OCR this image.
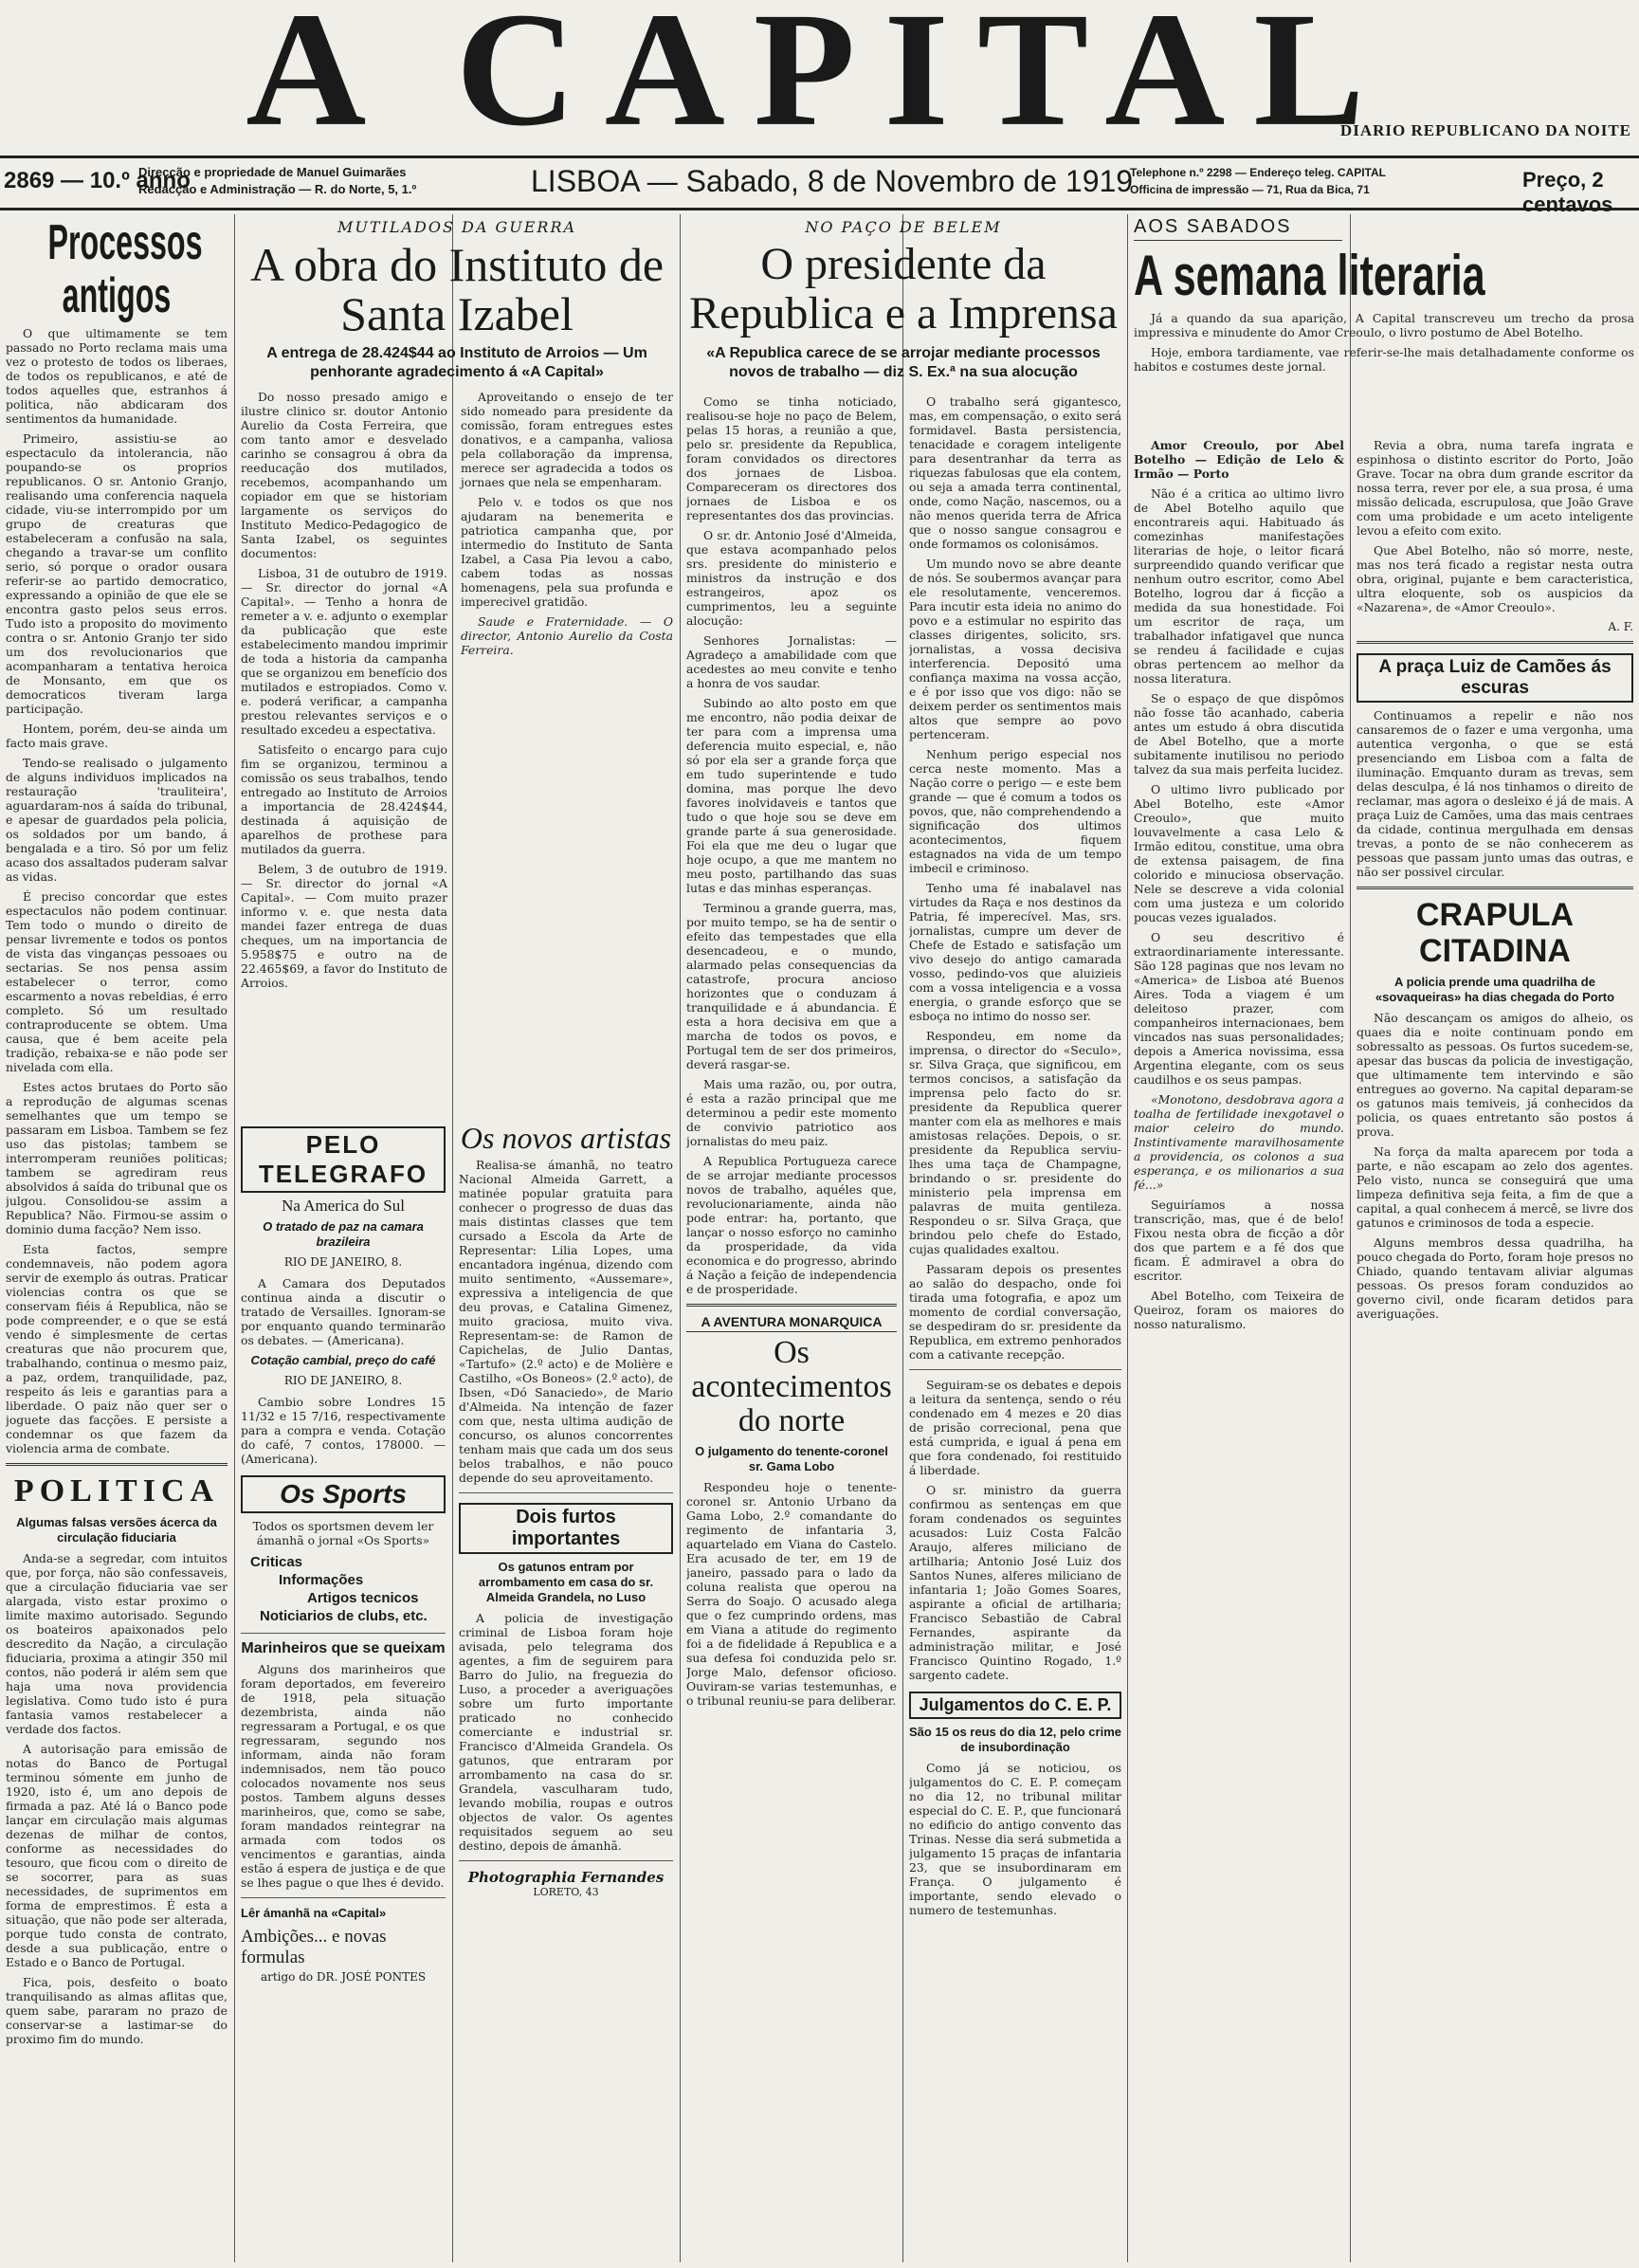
A CAPITAL
DIARIO REPUBLICANO DA NOITE
2869 — 10.º anno
Direcção e propriedade de Manuel Guimarães
Redacção e Administração — R. do Norte, 5, 1.º	LISBOA — Sabado, 8 de Novembro de 1919
Telephone n.º 2298 — Endereço teleg. CAPITAL
Officina de impressão — 71, Rua da Bica, 71	Preço, 2 centavos
Processos antigos

O que ultimamente se tem passado no Porto reclama mais uma vez o protesto de todos os liberaes, de todos os republicanos, e até de todos aquelles que, estranhos á politica, não abdicaram dos sentimentos da humanidade.

Primeiro, assistiu-se ao espectaculo da intolerancia, não poupando-se os proprios republicanos. O sr. Antonio Granjo, realisando uma conferencia naquela cidade, viu-se interrompido por um grupo de creaturas que estabeleceram a confusão na sala, chegando a travar-se um conflito serio, só porque o orador ousara referir-se ao partido democratico, expressando a opinião de que ele se encontra gasto pelos seus erros. Tudo isto a proposito do movimento contra o sr. Antonio Granjo ter sido um dos revolucionarios que acompanharam a tentativa heroica de Monsanto, em que os democraticos tiveram larga participação.

Hontem, porém, deu-se ainda um facto mais grave.

Tendo-se realisado o julgamento de alguns individuos implicados na restauração 'trauliteira', aguardaram-nos á saída do tribunal, e apesar de guardados pela policia, os soldados por um bando, á bengalada e a tiro. Só por um feliz acaso dos assaltados puderam salvar as vidas.

É preciso concordar que estes espectaculos não podem continuar. Tem todo o mundo o direito de pensar livremente e todos os pontos de vista das vinganças pessoaes ou sectarias. Se nos pensa assim estabelecer o terror, como escarmento a novas rebeldias, é erro completo. Só um resultado contraproducente se obtem. Uma causa, que é bem aceite pela tradição, rebaixa-se e não pode ser nivelada com ella.

Estes actos brutaes do Porto são a reprodução de algumas scenas semelhantes que um tempo se passaram em Lisboa. Tambem se fez uso das pistolas; tambem se interromperam reuniões politicas; tambem se agrediram reus absolvidos á saída do tribunal que os julgou. Consolidou-se assim a Republica? Não. Firmou-se assim o dominio duma facção? Nem isso.

Esta factos, sempre condemnaveis, não podem agora servir de exemplo ás outras. Praticar violencias contra os que se conservam fiéis á Republica, não se pode compreender, e o que se está vendo é simplesmente de certas creaturas que não procurem que, trabalhando, continua o mesmo paiz, a paz, ordem, tranquilidade, paz, respeito ás leis e garantias para a liberdade. O paiz não quer ser o joguete das facções. E persiste a condemnar os que fazem da violencia arma de combate.

POLITICA
Algumas falsas versões ácerca da circulação fiduciaria

Anda-se a segredar, com intuitos que, por força, não são confessaveis, que a circulação fiduciaria vae ser alargada, visto estar proximo o limite maximo autorisado. Segundo os boateiros apaixonados pelo descredito da Nação, a circulação fiduciaria, proxima a atingir 350 mil contos, não poderá ir além sem que haja uma nova providencia legislativa. Como tudo isto é pura fantasia vamos restabelecer a verdade dos factos.

A autorisação para emissão de notas do Banco de Portugal terminou sómente em junho de 1920, isto é, um ano depois de firmada a paz. Até lá o Banco pode lançar em circulação mais algumas dezenas de milhar de contos, conforme as necessidades do tesouro, que ficou com o direito de se socorrer, para as suas necessidades, de suprimentos em forma de emprestimos. É esta a situação, que não pode ser alterada, porque tudo consta de contrato, desde a sua publicação, entre o Estado e o Banco de Portugal.

Fica, pois, desfeito o boato tranquilisando as almas aflitas que, quem sabe, pararam no prazo de conservar-se a lastimar-se do proximo fim do mundo.

MUTILADOS DA GUERRA
A obra do Instituto de Santa Izabel
A entrega de 28.424$44 ao Instituto de Arroios — Um penhorante agradecimento á «A Capital»

Do nosso presado amigo e ilustre clinico sr. doutor Antonio Aurelio da Costa Ferreira, que com tanto amor e desvelado carinho se consagrou á obra da reeducação dos mutilados, recebemos, acompanhando um copiador em que se historiam largamente os serviços do Instituto Medico-Pedagogico de Santa Izabel, os seguintes documentos:

Lisboa, 31 de outubro de 1919. — Sr. director do jornal «A Capital». — Tenho a honra de remeter a v. e. adjunto o exemplar da publicação que este estabelecimento mandou imprimir de toda a historia da campanha que se organizou em benefício dos mutilados e estropiados. Como v. e. poderá verificar, a campanha prestou relevantes serviços e o resultado excedeu a espectativa.

Satisfeito o encargo para cujo fim se organizou, terminou a comissão os seus trabalhos, tendo entregado ao Instituto de Arroios a importancia de 28.424$44, destinada á aquisição de aparelhos de prothese para mutilados da guerra.

Belem, 3 de outubro de 1919. — Sr. director do jornal «A Capital». — Com muito prazer informo v. e. que nesta data mandei fazer entrega de duas cheques, um na importancia de 5.958$75 e outro na de 22.465$69, a favor do Instituto de Arroios.

Aproveitando o ensejo de ter sido nomeado para presidente da comissão, foram entregues estes donativos, e a campanha, valiosa pela collaboração da imprensa, merece ser agradecida a todos os jornaes que nela se empenharam.

Pelo v. e todos os que nos ajudaram na benemerita e patriotica campanha que, por intermedio do Instituto de Santa Izabel, a Casa Pia levou a cabo, cabem todas as nossas homenagens, pela sua profunda e imperecivel gratidão.

Saude e Fraternidade. — O director, Antonio Aurelio da Costa Ferreira.

PELO TELEGRAFO
Na America do Sul
O tratado de paz na camara brazileira
RIO DE JANEIRO, 8.

A Camara dos Deputados continua ainda a discutir o tratado de Versailles. Ignoram-se por enquanto quando terminarão os debates. — (Americana).

Cotação cambial, preço do café
RIO DE JANEIRO, 8.

Cambio sobre Londres 15 11/32 e 15 7/16, respectivamente para a compra e venda. Cotação do café, 7 contos, 178000. — (Americana).

Os Sports

Todos os sportsmen devem ler ámanhã o jornal «Os Sports»

Criticas
Informações
Artigos tecnicos
Noticiarios de clubs, etc.
Marinheiros que se queixam

Alguns dos marinheiros que foram deportados, em fevereiro de 1918, pela situação dezembrista, ainda não regressaram a Portugal, e os que regressaram, segundo nos informam, ainda não foram indemnisados, nem tão pouco colocados novamente nos seus postos. Tambem alguns desses marinheiros, que, como se sabe, foram mandados reintegrar na armada com todos os vencimentos e garantias, ainda estão á espera de justiça e de que se lhes pague o que lhes é devido.

Lêr ámanhã na «Capital»
Ambições... e novas formulas
artigo do DR. JOSÉ PONTES
Os novos artistas

Realisa-se ámanhã, no teatro Nacional Almeida Garrett, a matinée popular gratuita para conhecer o progresso de duas das mais distintas classes que tem cursado a Escola da Arte de Representar: Lilia Lopes, uma encantadora ingénua, dizendo com muito sentimento, «Aussemare», expressiva a inteligencia de que deu provas, e Catalina Gimenez, muito graciosa, muito viva. Representam-se: de Ramon de Capichelas, de Julio Dantas, «Tartufo» (2.º acto) e de Molière e Castilho, «Os Boneos» (2.º acto), de Ibsen, «Dó Sanaciedo», de Mario d'Almeida. Na intenção de fazer com que, nesta ultima audição de concurso, os alunos concorrentes tenham mais que cada um dos seus belos trabalhos, e não pouco depende do seu aproveitamento.

Dois furtos importantes
Os gatunos entram por arrombamento em casa do sr. Almeida Grandela, no Luso

A policia de investigação criminal de Lisboa foram hoje avisada, pelo telegrama dos agentes, a fim de seguirem para Barro do Julio, na freguezia do Luso, a proceder a averiguações sobre um furto importante praticado no conhecido comerciante e industrial sr. Francisco d'Almeida Grandela. Os gatunos, que entraram por arrombamento na casa do sr. Grandela, vasculharam tudo, levando mobilia, roupas e outros objectos de valor. Os agentes requisitados seguem ao seu destino, depois de ámanhã.

Photographia Fernandes
LORETO, 43
NO PAÇO DE BELEM
O presidente da Republica e a Imprensa
«A Republica carece de se arrojar mediante processos novos de trabalho — diz S. Ex.ª na sua alocução

Como se tinha noticiado, realisou-se hoje no paço de Belem, pelas 15 horas, a reunião a que, pelo sr. presidente da Republica, foram convidados os directores dos jornaes de Lisboa. Compareceram os directores dos jornaes de Lisboa e os representantes dos das provincias.

O sr. dr. Antonio José d'Almeida, que estava acompanhado pelos srs. presidente do ministerio e ministros da instrução e dos estrangeiros, apoz os cumprimentos, leu a seguinte alocução:

Senhores Jornalistas: — Agradeço a amabilidade com que acedestes ao meu convite e tenho a honra de vos saudar.

Subindo ao alto posto em que me encontro, não podia deixar de ter para com a imprensa uma deferencia muito especial, e, não só por ela ser a grande força que em tudo superintende e tudo domina, mas porque lhe devo favores inolvidaveis e tantos que tudo o que hoje sou se deve em grande parte á sua generosidade. Foi ela que me deu o lugar que hoje ocupo, a que me mantem no meu posto, partilhando das suas lutas e das minhas esperanças.

Terminou a grande guerra, mas, por muito tempo, se ha de sentir o efeito das tempestades que ella desencadeou, e o mundo, alarmado pelas consequencias da catastrofe, procura ancioso horizontes que o conduzam á tranquilidade e á abundancia. É esta a hora decisiva em que a marcha de todos os povos, e Portugal tem de ser dos primeiros, deverá rasgar-se.

Mais uma razão, ou, por outra, é esta a razão principal que me determinou a pedir este momento de convivio patriotico aos jornalistas do meu paiz.

A Republica Portugueza carece de se arrojar mediante processos novos de trabalho, aquéles que, revolucionariamente, ainda não pode entrar: ha, portanto, que lançar o nosso esforço no caminho da prosperidade, da vida economica e do progresso, abrindo á Nação a feição de independencia e de prosperidade.

A AVENTURA MONARQUICA
Os acontecimentos do norte
O julgamento do tenente-coronel sr. Gama Lobo

Respondeu hoje o tenente-coronel sr. Antonio Urbano da Gama Lobo, 2.º comandante do regimento de infantaria 3, aquartelado em Viana do Castelo. Era acusado de ter, em 19 de janeiro, passado para o lado da coluna realista que operou na Serra do Soajo. O acusado alega que o fez cumprindo ordens, mas em Viana a atitude do regimento foi a de fidelidade á Republica e a sua defesa foi conduzida pelo sr. Jorge Malo, defensor oficioso. Ouviram-se varias testemunhas, e o tribunal reuniu-se para deliberar.

O trabalho será gigantesco, mas, em compensação, o exito será formidavel. Basta persistencia, tenacidade e coragem inteligente para desentranhar da terra as riquezas fabulosas que ela contem, ou seja a amada terra continental, onde, como Nação, nascemos, ou a não menos querida terra de Africa que o nosso sangue consagrou e onde formamos os colonisámos.

Um mundo novo se abre deante de nós. Se soubermos avançar para ele resolutamente, venceremos. Para incutir esta ideia no animo do povo e a estimular no espirito das classes dirigentes, solicito, srs. jornalistas, a vossa decisiva interferencia. Depositó uma confiança maxima na vossa acção, e é por isso que vos digo: não se deixem perder os sentimentos mais altos que sempre ao povo pertenceram.

Nenhum perigo especial nos cerca neste momento. Mas a Nação corre o perigo — e este bem grande — que é comum a todos os povos, que, não comprehendendo a significação dos ultimos acontecimentos, fiquem estagnados na vida de um tempo imbecil e criminoso.

Tenho uma fé inabalavel nas virtudes da Raça e nos destinos da Patria, fé imperecível. Mas, srs. jornalistas, cumpre um dever de Chefe de Estado e satisfação um vivo desejo do antigo camarada vosso, pedindo-vos que aluizieis com a vossa inteligencia e a vossa energia, o grande esforço que se esboça no intimo do nosso ser.

Respondeu, em nome da imprensa, o director do «Seculo», sr. Silva Graça, que significou, em termos concisos, a satisfação da imprensa pelo facto do sr. presidente da Republica querer manter com ela as melhores e mais amistosas relações. Depois, o sr. presidente da Republica serviu-lhes uma taça de Champagne, brindando o sr. presidente do ministerio pela imprensa em palavras de muita gentileza. Respondeu o sr. Silva Graça, que brindou pelo chefe do Estado, cujas qualidades exaltou.

Passaram depois os presentes ao salão do despacho, onde foi tirada uma fotografia, e apoz um momento de cordial conversação, se despediram do sr. presidente da Republica, em extremo penhorados com a cativante recepção.

Seguiram-se os debates e depois a leitura da sentença, sendo o réu condenado em 4 mezes e 20 dias de prisão correcional, pena que está cumprida, e igual á pena em que fora condenado, foi restituido á liberdade.

O sr. ministro da guerra confirmou as sentenças em que foram condenados os seguintes acusados: Luiz Costa Falcão Araujo, alferes miliciano de artilharia; Antonio José Luiz dos Santos Nunes, alferes miliciano de infantaria 1; João Gomes Soares, aspirante a oficial de artilharia; Francisco Sebastião de Cabral Fernandes, aspirante da administração militar, e José Francisco Quintino Rogado, 1.º sargento cadete.

Julgamentos do C. E. P.
São 15 os reus do dia 12, pelo crime de insubordinação

Como já se noticiou, os julgamentos do C. E. P. começam no dia 12, no tribunal militar especial do C. E. P., que funcionará no edificio do antigo convento das Trinas. Nesse dia será submetida a julgamento 15 praças de infantaria 23, que se insubordinaram em França. O julgamento é importante, sendo elevado o numero de testemunhas.

AOS SABADOS
A semana literaria

Já a quando da sua aparição, A Capital transcreveu um trecho da prosa impressiva e minudente do Amor Creoulo, o livro postumo de Abel Botelho.

Hoje, embora tardiamente, vae referir-se-lhe mais detalhadamente conforme os habitos e costumes deste jornal.

Amor Creoulo, por Abel Botelho — Edição de Lelo & Irmão — Porto

Não é a critica ao ultimo livro de Abel Botelho aquilo que encontrareis aqui. Habituado ás comezinhas manifestações literarias de hoje, o leitor ficará surpreendido quando verificar que nenhum outro escritor, como Abel Botelho, logrou dar á ficção a medida da sua honestidade. Foi um escritor de raça, um trabalhador infatigavel que nunca se rendeu á facilidade e cujas obras pertencem ao melhor da nossa literatura.

Se o espaço de que dispômos não fosse tão acanhado, caberia antes um estudo á obra discutida de Abel Botelho, que a morte subitamente inutilisou no periodo talvez da sua mais perfeita lucidez.

O ultimo livro publicado por Abel Botelho, este «Amor Creoulo», que muito louvavelmente a casa Lelo & Irmão editou, constitue, uma obra de extensa paisagem, de fina colorido e minuciosa observação. Nele se descreve a vida colonial com uma justeza e um colorido poucas vezes igualados.

O seu descritivo é extraordinariamente interessante. São 128 paginas que nos levam no «America» de Lisboa até Buenos Aires. Toda a viagem é um deleitoso prazer, com companheiros internacionaes, bem vincados nas suas personalidades; depois a America novissima, essa Argentina elegante, com os seus caudilhos e os seus pampas.

«Monotono, desdobrava agora a toalha de fertilidade inexgotavel o maior celeiro do mundo. Instintivamente maravilhosamente a providencia, os colonos a sua esperança, e os milionarios a sua fé...»

Seguiríamos a nossa transcrição, mas, que é de belo! Fixou nesta obra de ficção a dôr dos que partem e a fé dos que ficam. É admiravel a obra do escritor.

Abel Botelho, com Teixeira de Queiroz, foram os maiores do nosso naturalismo.

Revia a obra, numa tarefa ingrata e espinhosa o distinto escritor do Porto, João Grave. Tocar na obra dum grande escritor da nossa terra, rever por ele, a sua prosa, é uma missão delicada, escrupulosa, que João Grave com uma probidade e um aceto inteligente levou a efeito com exito.

Que Abel Botelho, não só morre, neste, mas nos terá ficado a registar nesta outra obra, original, pujante e bem caracteristica, ultra eloquente, sob os auspicios da «Nazarena», de «Amor Creoulo».

A. F.
A praça Luiz de Camões ás escuras

Continuamos a repelir e não nos cansaremos de o fazer e uma vergonha, uma autentica vergonha, o que se está presenciando em Lisboa com a falta de iluminação. Emquanto duram as trevas, sem delas desculpa, é lá nos tinhamos o direito de reclamar, mas agora o desleixo é já de mais. A praça Luiz de Camões, uma das mais centraes da cidade, continua mergulhada em densas trevas, a ponto de se não conhecerem as pessoas que passam junto umas das outras, e não ser possivel circular.

CRAPULA CITADINA
A policia prende uma quadrilha de «sovaqueiras» ha dias chegada do Porto

Não descançam os amigos do alheio, os quaes dia e noite continuam pondo em sobressalto as pessoas. Os furtos sucedem-se, apesar das buscas da policia de investigação, que ultimamente tem intervindo e são entregues ao governo. Na capital deparam-se os gatunos mais temiveis, já conhecidos da policia, os quaes entretanto são postos á prova.

Na força da malta aparecem por toda a parte, e não escapam ao zelo dos agentes. Pelo visto, nunca se conseguirá que uma limpeza definitiva seja feita, a fim de que a capital, a qual conhecem á mercê, se livre dos gatunos e criminosos de toda a especie.

Alguns membros dessa quadrilha, ha pouco chegada do Porto, foram hoje presos no Chiado, quando tentavam aliviar algumas pessoas. Os presos foram conduzidos ao governo civil, onde ficaram detidos para averiguações.
